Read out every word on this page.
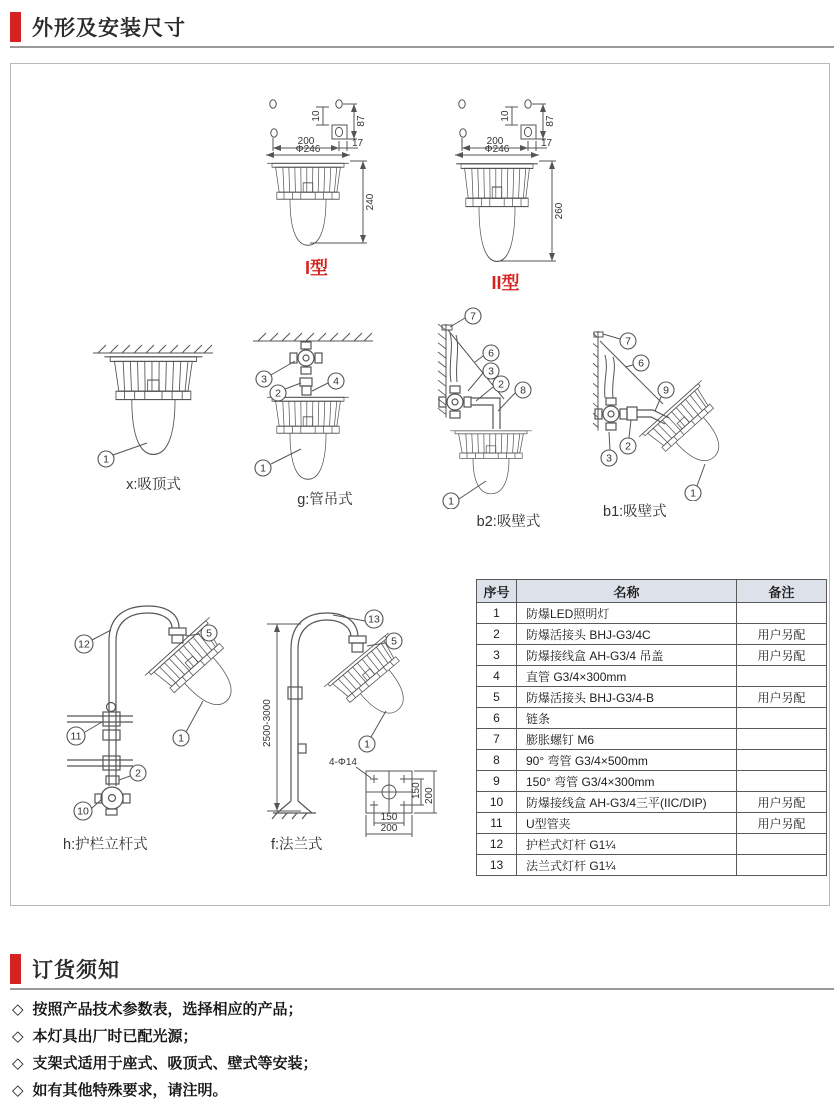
外形及安装尺寸
87
10
200	17
Φ246
240
I型
87
10
200	17
Φ246
260
II型
1
x:吸顶式
3
2
4
1
g:管吊式
7
6
3
2 8
1
b2:吸壁式
7
6
9
2
3
1
b1:吸壁式
12
5
11
2
10
1
h:护栏立杆式
2500-3000
4-Φ14
150 200
150
200
13
5
1
f:法兰式
序号	名称	备注
1	防爆LED照明灯	
2	防爆活接头 BHJ-G3/4C	用户另配
3	防爆接线盒 AH-G3/4 吊盖	用户另配
4	直管 G3/4×300mm	
5	防爆活接头 BHJ-G3/4-B	用户另配
6	链条	
7	膨胀螺钉 M6	
8	90° 弯管 G3/4×500mm	
9	150° 弯管 G3/4×300mm	
10	防爆接线盒 AH-G3/4三平(IIC/DIP)	用户另配
11	U型管夹	用户另配
12	护栏式灯杆 G1¼	
13	法兰式灯杆 G1¼	
订货须知
◇ 按照产品技术参数表，选择相应的产品；
◇ 本灯具出厂时已配光源；
◇ 支架式适用于座式、吸顶式、壁式等安装；
◇ 如有其他特殊要求，请注明。
